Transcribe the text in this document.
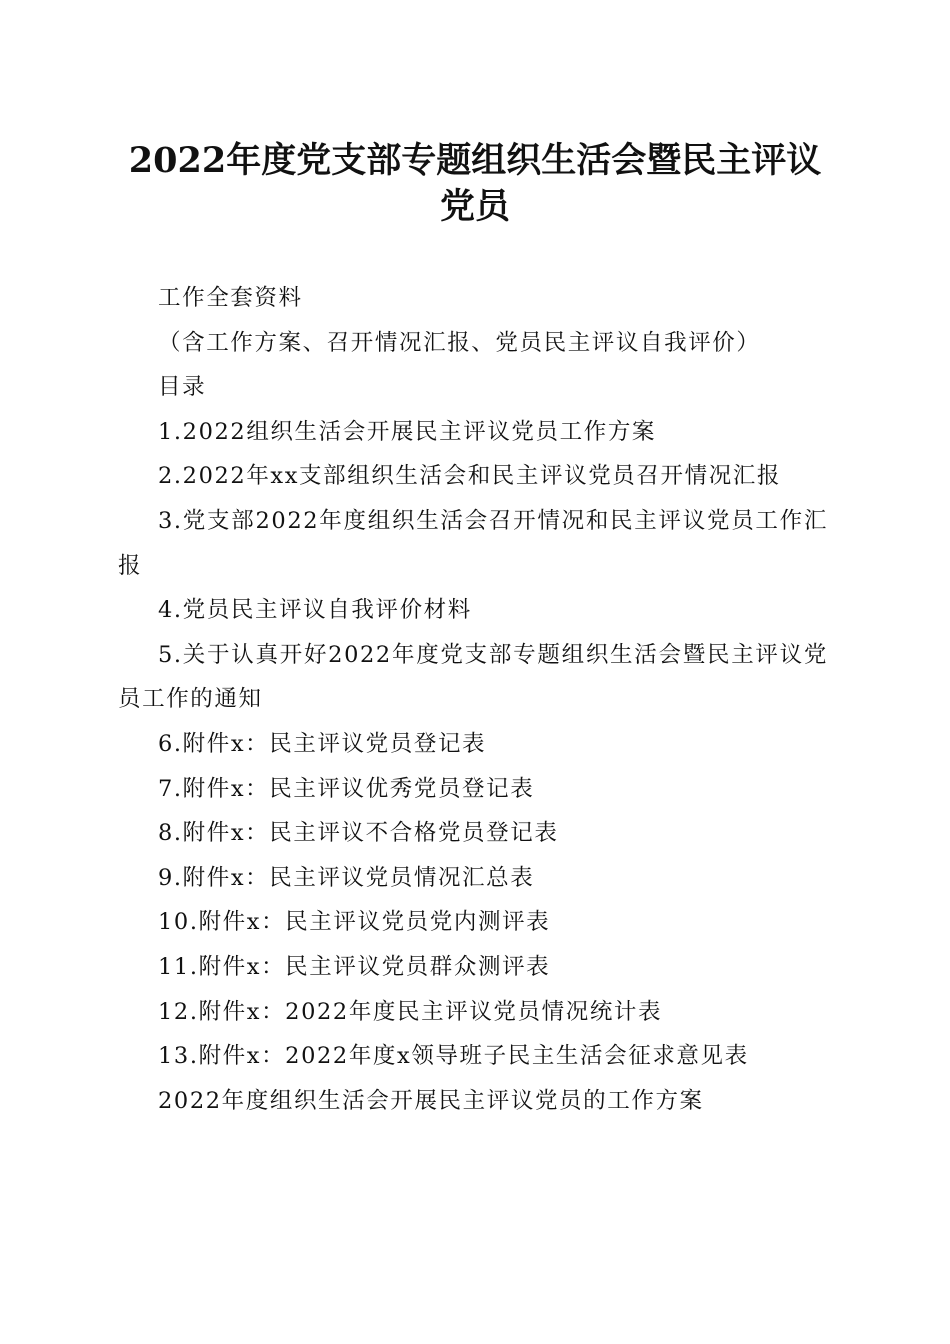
2022年度党支部专题组织生活会暨民主评议
党员

工作全套资料

（含工作方案、召开情况汇报、党员民主评议自我评价）

目录

1.2022组织生活会开展民主评议党员工作方案

2.2022年xx支部组织生活会和民主评议党员召开情况汇报

3.党支部2022年度组织生活会召开情况和民主评议党员工作汇报

4.党员民主评议自我评价材料

5.关于认真开好2022年度党支部专题组织生活会暨民主评议党员工作的通知

6.附件x：民主评议党员登记表

7.附件x：民主评议优秀党员登记表

8.附件x：民主评议不合格党员登记表

9.附件x：民主评议党员情况汇总表

10.附件x：民主评议党员党内测评表

11.附件x：民主评议党员群众测评表

12.附件x：2022年度民主评议党员情况统计表

13.附件x：2022年度x领导班子民主生活会征求意见表

2022年度组织生活会开展民主评议党员的工作方案
